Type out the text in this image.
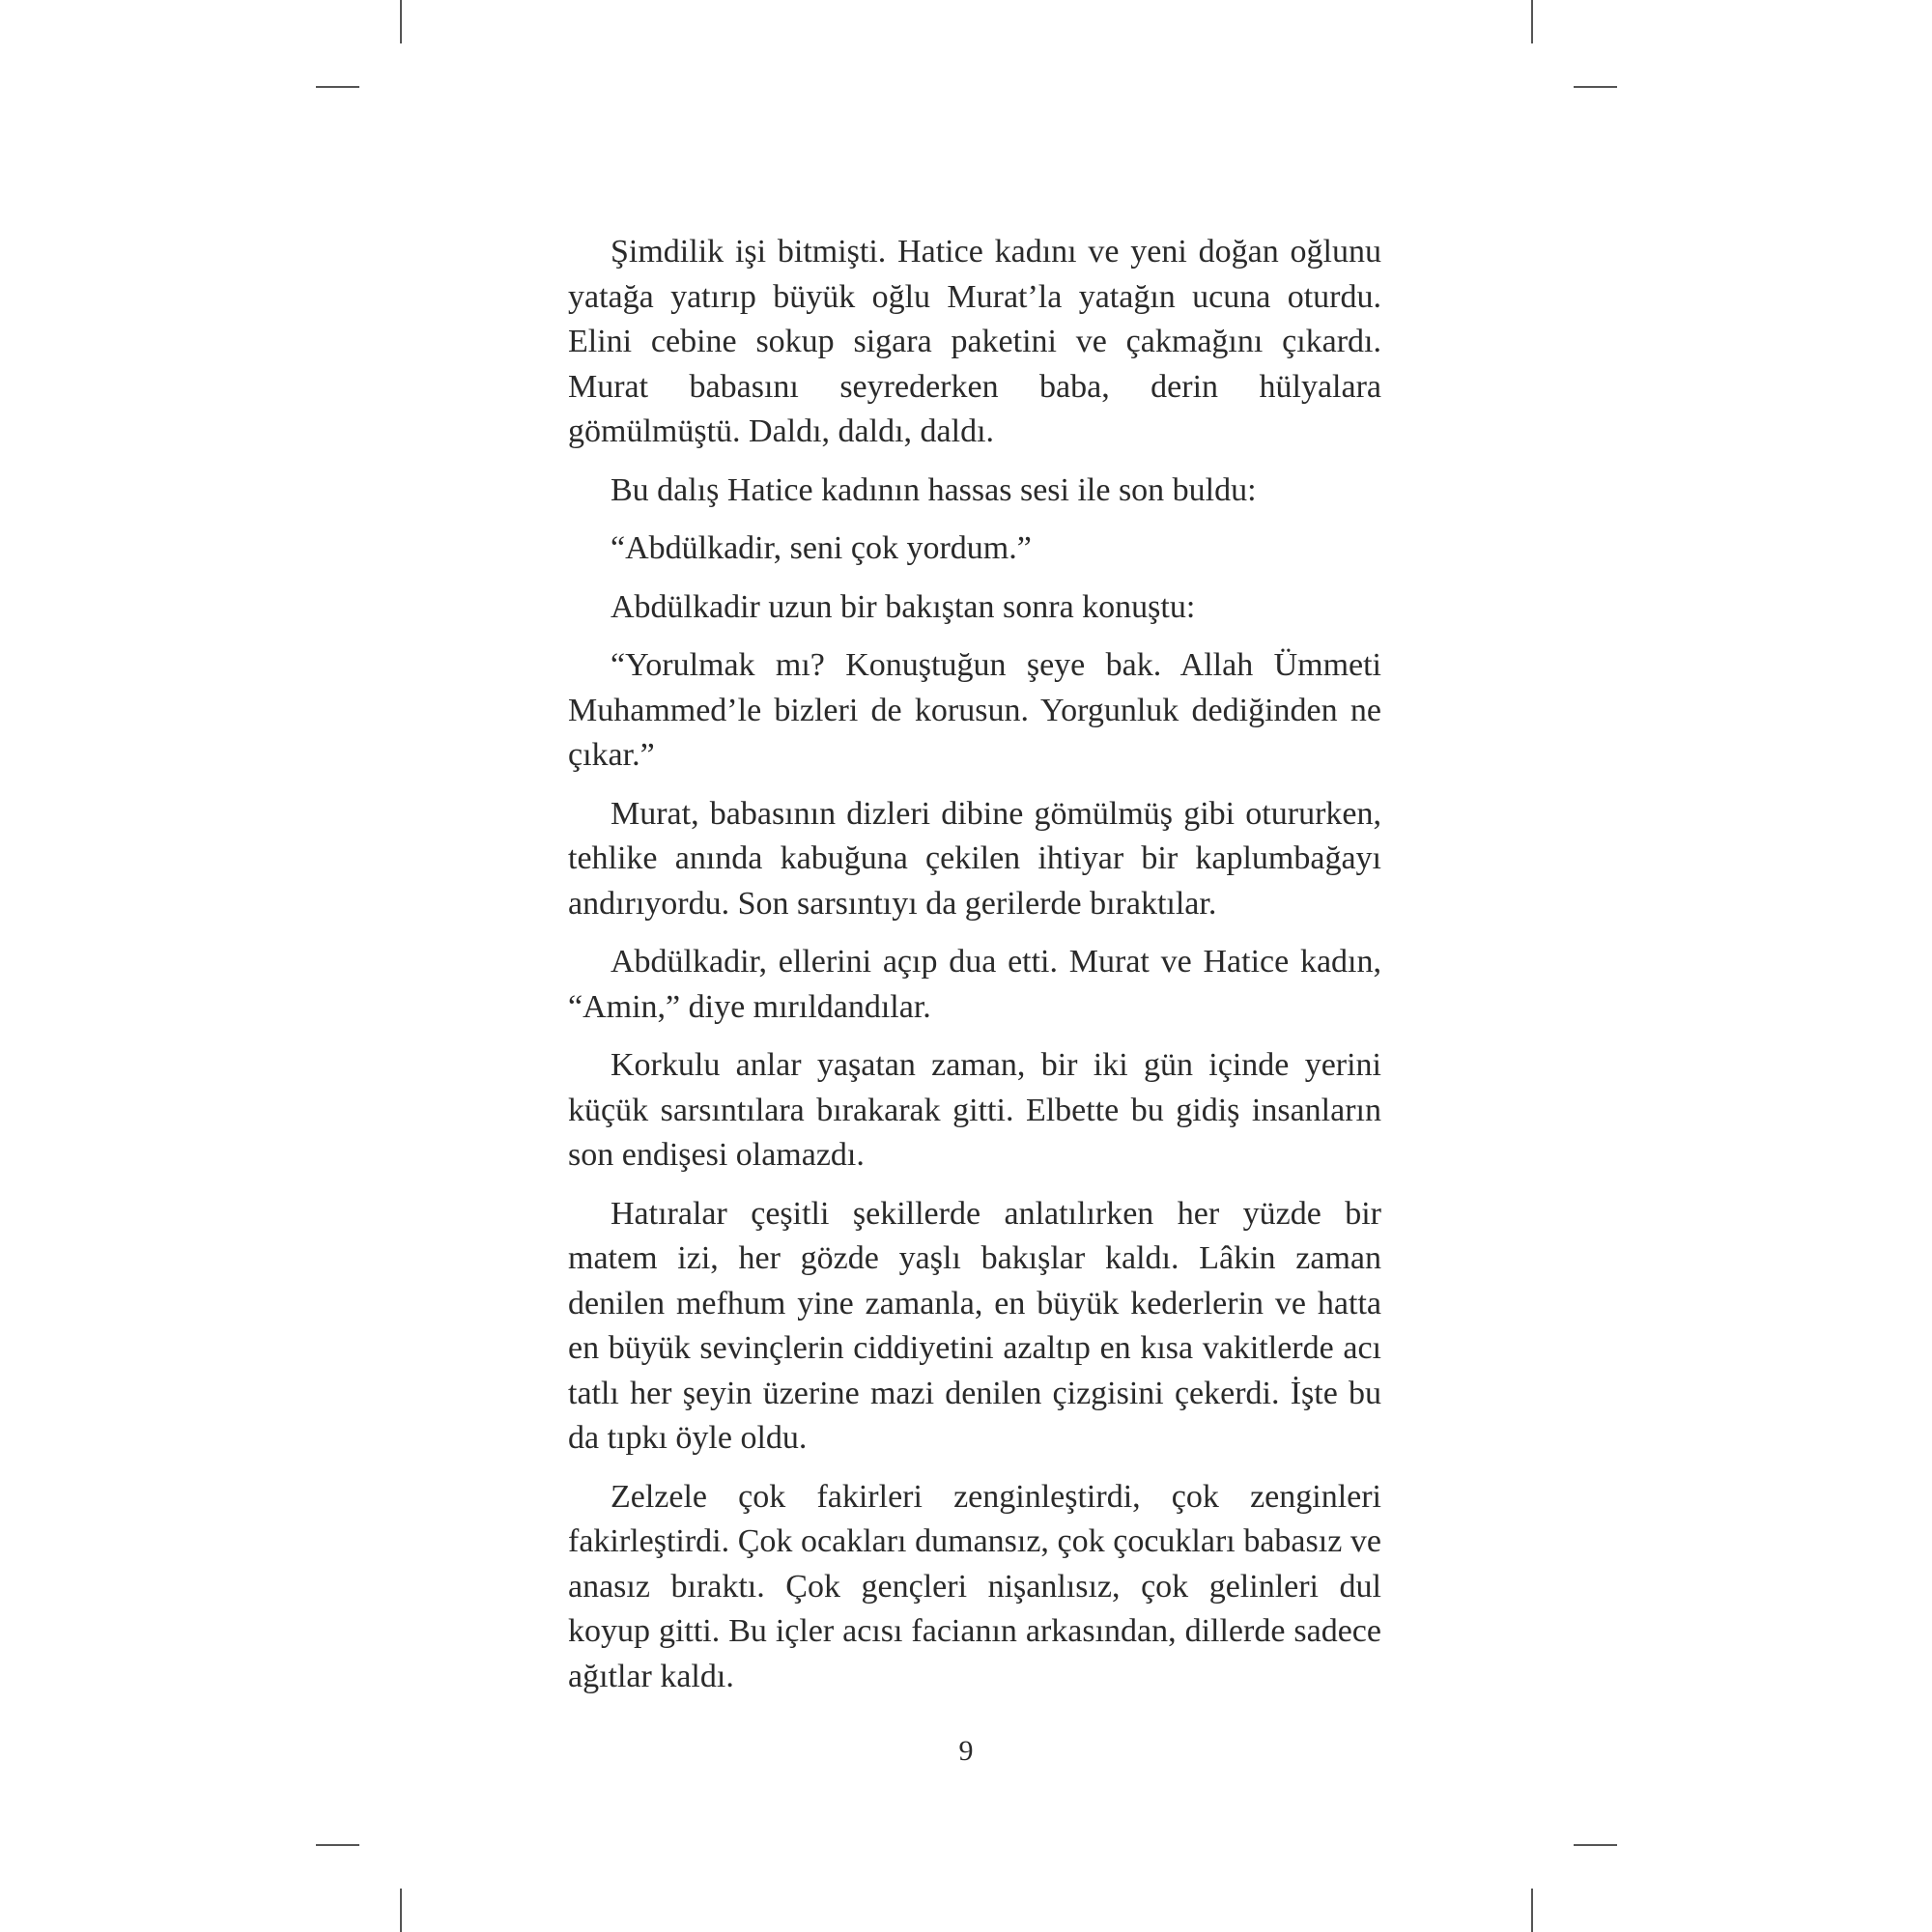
Şimdilik işi bitmişti. Hatice kadını ve yeni doğan oğlunu yatağa yatırıp büyük oğlu Murat’la yatağın ucuna oturdu. Elini cebine sokup sigara paketini ve çakmağını çıkardı. Murat babasını seyrederken baba, derin hülyalara gömülmüştü. Daldı, daldı, daldı.

Bu dalış Hatice kadının hassas sesi ile son buldu:

“Abdülkadir, seni çok yordum.”

Abdülkadir uzun bir bakıştan sonra konuştu:

“Yorulmak mı? Konuştuğun şeye bak. Allah Ümmeti Muhammed’le bizleri de korusun. Yorgunluk dediğinden ne çıkar.”

Murat, babasının dizleri dibine gömülmüş gibi otururken, tehlike anında kabuğuna çekilen ihtiyar bir kaplumbağayı andırıyordu. Son sarsıntıyı da gerilerde bıraktılar.

Abdülkadir, ellerini açıp dua etti. Murat ve Hatice kadın, “Amin,” diye mırıldandılar.

Korkulu anlar yaşatan zaman, bir iki gün içinde yerini küçük sarsıntılara bırakarak gitti. Elbette bu gidiş insanların son endişesi olamazdı.

Hatıralar çeşitli şekillerde anlatılırken her yüzde bir matem izi, her gözde yaşlı bakışlar kaldı. Lâkin zaman denilen mefhum yine zamanla, en büyük kederlerin ve hatta en büyük sevinçlerin ciddiyetini azaltıp en kısa vakitlerde acı tatlı her şeyin üzerine mazi denilen çizgisini çekerdi. İşte bu da tıpkı öyle oldu.

Zelzele çok fakirleri zenginleştirdi, çok zenginleri fakirleştirdi. Çok ocakları dumansız, çok çocukları babasız ve anasız bıraktı. Çok gençleri nişanlısız, çok gelinleri dul koyup gitti. Bu içler acısı facianın arkasından, dillerde sadece ağıtlar kaldı.

9
